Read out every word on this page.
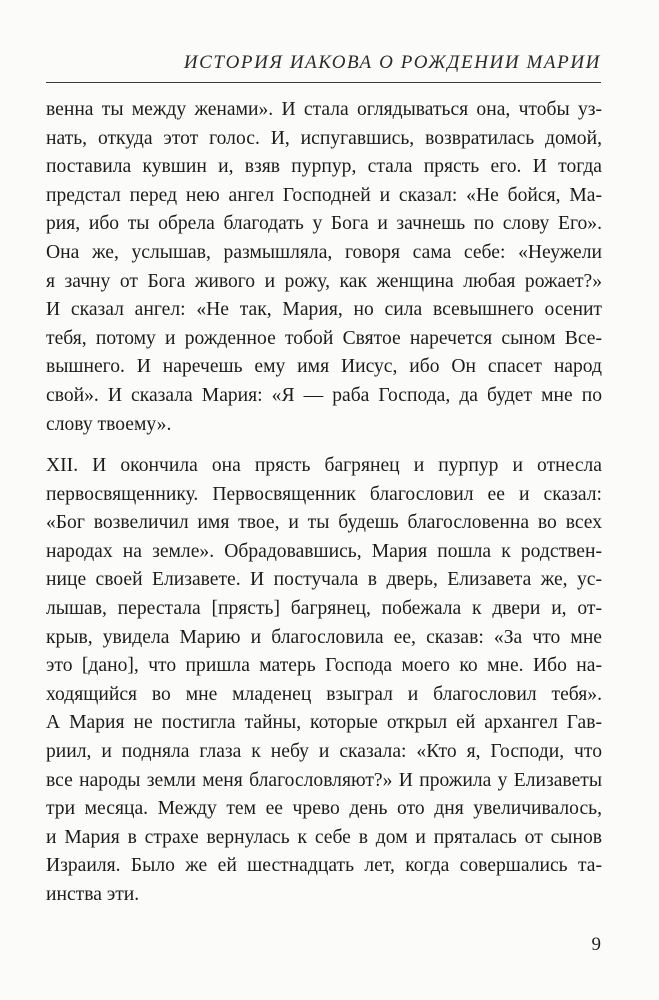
ИСТОРИЯ ИАКОВА О РОЖДЕНИИ МАРИИ
венна ты между женами». И стала оглядываться она, чтобы уз-
нать, откуда этот голос. И, испугавшись, возвратилась домой,
поставила кувшин и, взяв пурпур, стала прясть его. И тогда
предстал перед нею ангел Господней и сказал: «Не бойся, Ма-
рия, ибо ты обрела благодать у Бога и зачнешь по слову Его».
Она же, услышав, размышляла, говоря сама себе: «Неужели
я зачну от Бога живого и рожу, как женщина любая рожает?»
И сказал ангел: «Не так, Мария, но сила всевышнего осенит
тебя, потому и рожденное тобой Святое наречется сыном Все-
вышнего. И наречешь ему имя Иисус, ибо Он спасет народ
свой». И сказала Мария: «Я — раба Господа, да будет мне по
слову твоему».
XII. И окончила она прясть багрянец и пурпур и отнесла
первосвященнику. Первосвященник благословил ее и сказал:
«Бог возвеличил имя твое, и ты будешь благословенна во всех
народах на земле». Обрадовавшись, Мария пошла к родствен-
нице своей Елизавете. И постучала в дверь, Елизавета же, ус-
лышав, перестала [прясть] багрянец, побежала к двери и, от-
крыв, увидела Марию и благословила ее, сказав: «За что мне
это [дано], что пришла матерь Господа моего ко мне. Ибо на-
ходящийся во мне младенец взыграл и благословил тебя».
А Мария не постигла тайны, которые открыл ей архангел Гав-
риил, и подняла глаза к небу и сказала: «Кто я, Господи, что
все народы земли меня благословляют?» И прожила у Елизаветы
три месяца. Между тем ее чрево день ото дня увеличивалось,
и Мария в страхе вернулась к себе в дом и пряталась от сынов
Израиля. Было же ей шестнадцать лет, когда совершались та-
инства эти.
9
